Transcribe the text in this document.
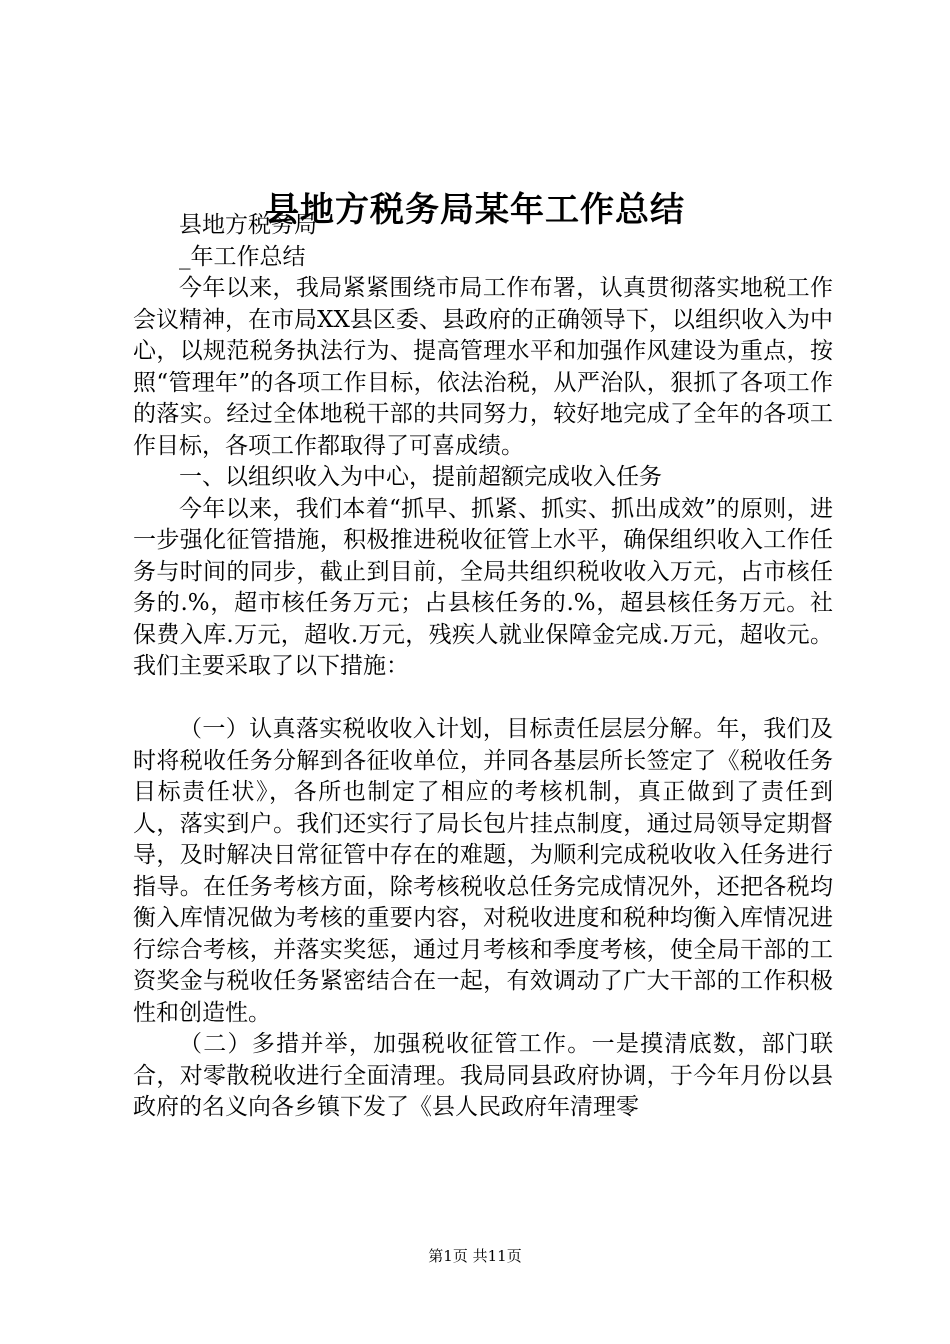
县地方税务局某年工作总结

县地方税务局

_年工作总结

今年以来，我局紧紧围绕市局工作布署，认真贯彻落实地税工作会议精神，在市局XX县区委、县政府的正确领导下，以组织收入为中心，以规范税务执法行为、提高管理水平和加强作风建设为重点，按照“管理年”的各项工作目标，依法治税，从严治队，狠抓了各项工作的落实。经过全体地税干部的共同努力，较好地完成了全年的各项工作目标，各项工作都取得了可喜成绩。

一、以组织收入为中心，提前超额完成收入任务

今年以来，我们本着“抓早、抓紧、抓实、抓出成效”的原则，进一步强化征管措施，积极推进税收征管上水平，确保组织收入工作任务与时间的同步，截止到目前，全局共组织税收收入万元，占市核任务的.%，超市核任务万元；占县核任务的.%，超县核任务万元。社保费入库.万元，超收.万元，残疾人就业保障金完成.万元，超收元。我们主要采取了以下措施：

（一）认真落实税收收入计划，目标责任层层分解。年，我们及时将税收任务分解到各征收单位，并同各基层所长签定了《税收任务目标责任状》，各所也制定了相应的考核机制，真正做到了责任到人，落实到户。我们还实行了局长包片挂点制度，通过局领导定期督导，及时解决日常征管中存在的难题，为顺利完成税收收入任务进行指导。在任务考核方面，除考核税收总任务完成情况外，还把各税均衡入库情况做为考核的重要内容，对税收进度和税种均衡入库情况进行综合考核，并落实奖惩，通过月考核和季度考核，使全局干部的工资奖金与税收任务紧密结合在一起，有效调动了广大干部的工作积极性和创造性。

（二）多措并举，加强税收征管工作。一是摸清底数，部门联合，对零散税收进行全面清理。我局同县政府协调，于今年月份以县政府的名义向各乡镇下发了《县人民政府年清理零

第1页 共11页
